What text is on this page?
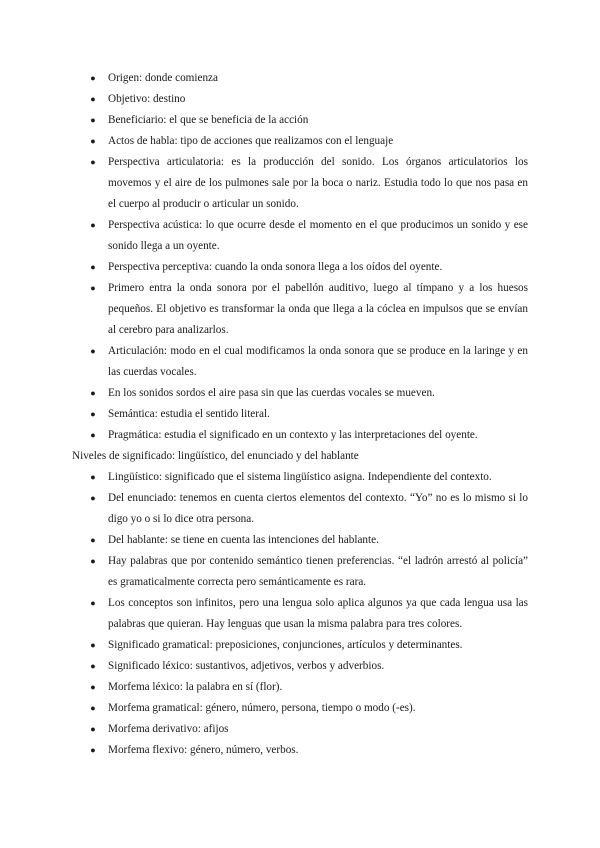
● Origen: donde comienza
● Objetivo: destino
● Beneficiario: el que se beneficia de la acción
● Actos de habla: tipo de acciones que realizamos con el lenguaje
● Perspectiva articulatoria: es la producción del sonido. Los órganos articulatorios los movemos y el aire de los pulmones sale por la boca o nariz. Estudia todo lo que nos pasa en el cuerpo al producir o articular un sonido.
● Perspectiva acústica: lo que ocurre desde el momento en el que producimos un sonido y ese sonido llega a un oyente.
● Perspectiva perceptiva: cuando la onda sonora llega a los oídos del oyente.
● Primero entra la onda sonora por el pabellón auditivo, luego al tímpano y a los huesos pequeños. El objetivo es transformar la onda que llega a la cóclea en impulsos que se envían al cerebro para analizarlos.
● Articulación: modo en el cual modificamos la onda sonora que se produce en la laringe y en las cuerdas vocales.
● En los sonidos sordos el aire pasa sin que las cuerdas vocales se mueven.
● Semántica: estudia el sentido literal.
● Pragmática: estudia el significado en un contexto y las interpretaciones del oyente.

Niveles de significado: lingüístico, del enunciado y del hablante

● Lingüístico: significado que el sistema lingüístico asigna. Independiente del contexto.
● Del enunciado: tenemos en cuenta ciertos elementos del contexto. “Yo” no es lo mismo si lo digo yo o si lo dice otra persona.
● Del hablante: se tiene en cuenta las intenciones del hablante.
● Hay palabras que por contenido semántico tienen preferencias. “el ladrón arrestó al policía” es gramaticalmente correcta pero semánticamente es rara.
● Los conceptos son infinitos, pero una lengua solo aplica algunos ya que cada lengua usa las palabras que quieran. Hay lenguas que usan la misma palabra para tres colores.
● Significado gramatical: preposiciones, conjunciones, artículos y determinantes.
● Significado léxico: sustantivos, adjetivos, verbos y adverbios.
● Morfema léxico: la palabra en sí (flor).
● Morfema gramatical: género, número, persona, tiempo o modo (-es).
● Morfema derivativo: afijos
● Morfema flexivo: género, número, verbos.
